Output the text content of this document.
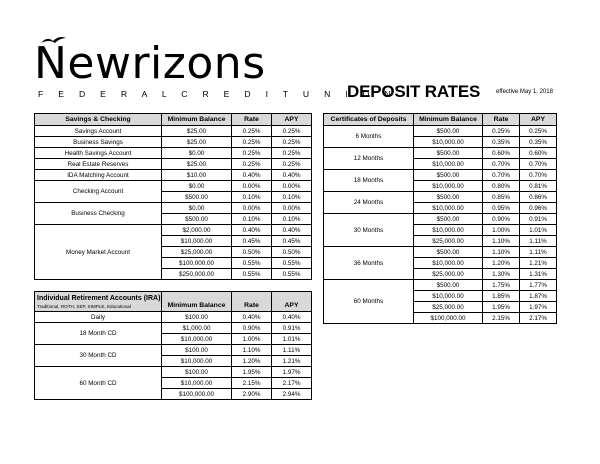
Newrizons
F E D E R A L C R E D I T U N I O N
DEPOSIT RATES	effective May 1, 2018
Savings & Checking	Minimum Balance	Rate	APY
Savings Account	$25.00	0.25%	0.25%
Business Savings	$25.00	0.25%	0.25%
Health Savings Account	$0.00	0.25%	0.25%
Real Estate Reserves	$25.00	0.25%	0.25%
IDA Matching Account	$10.00	0.40%	0.40%
Checking Account	$0.00	0.00%	0.00%
	$500.00	0.10%	0.10%
Business Checking	$0.00	0.00%	0.00%
	$500.00	0.10%	0.10%
Money Market Account	$2,000.00	0.40%	0.40%
	$10,000.00	0.45%	0.45%
	$25,000.00	0.50%	0.50%
	$100,000.00	0.55%	0.55%
	$250,000.00	0.55%	0.55%
Certificates of Deposits	Minimum Balance	Rate	APY
6 Months	$500.00	0.25%	0.25%
	$10,000.00	0.35%	0.35%
12 Months	$500.00	0.60%	0.60%
	$10,000.00	0.70%	0.70%
18 Months	$500.00	0.70%	0.70%
	$10,000.00	0.80%	0.81%
24 Months	$500.00	0.85%	0.86%
	$10,000.00	0.95%	0.96%
30 Months	$500.00	0.90%	0.91%
	$10,000.00	1.00%	1.01%
	$25,000.00	1.10%	1.11%
36 Months	$500.00	1.10%	1.11%
	$10,000.00	1.20%	1.21%
	$25,000.00	1.30%	1.31%
60 Months	$500.00	1.75%	1.77%
	$10,000.00	1.85%	1.87%
	$25,000.00	1.95%	1.97%
	$100,000.00	2.15%	2.17%
Individual Retirement Accounts (IRA)
Traditional, ROTH, SEP, SIMPLE, Educational	Minimum Balance	Rate	APY

Daily	$100.00	0.40%	0.40%
18 Month CD	$1,000.00	0.90%	0.91%
	$10,000.00	1.00%	1.01%
30 Month CD	$100.00	1.10%	1.11%
	$10,000.00	1.20%	1.21%
60 Month CD	$100.00	1.95%	1.97%
	$10,000.00	2.15%	2.17%
	$100,000.00	2.90%	2.94%
